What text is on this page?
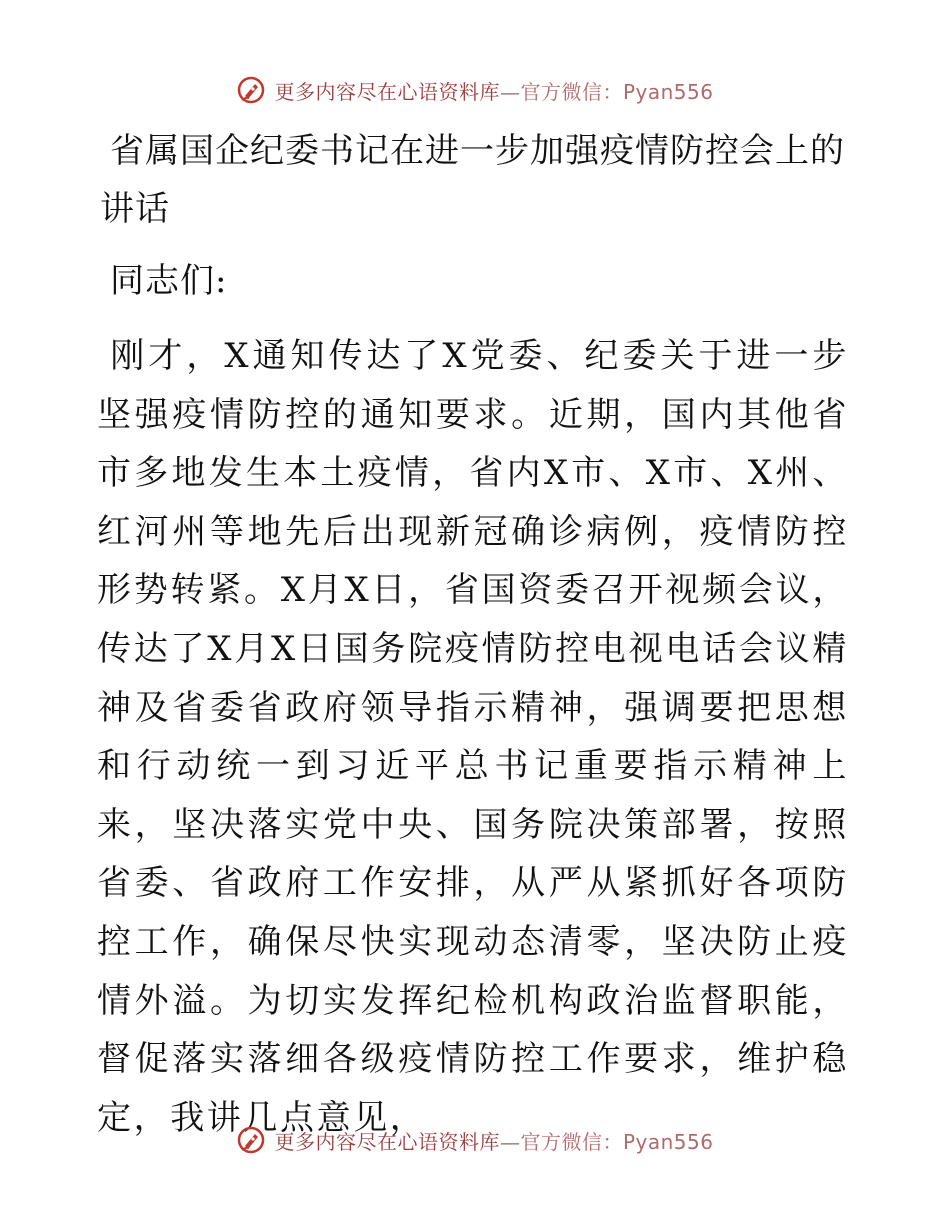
更多内容尽在心语资料库—官方微信：Pyan556
省属国企纪委书记在进一步加强疫情防控会上的讲话

同志们:

刚才，X通知传达了X党委、纪委关于进一步坚强疫情防控的通知要求。近期，国内其他省市多地发生本土疫情，省内X市、X市、X州、红河州等地先后出现新冠确诊病例，疫情防控形势转紧。X月X日，省国资委召开视频会议，传达了X月X日国务院疫情防控电视电话会议精神及省委省政府领导指示精神，强调要把思想和行动统一到习近平总书记重要指示精神上来，坚决落实党中央、国务院决策部署，按照省委、省政府工作安排，从严从紧抓好各项防控工作，确保尽快实现动态清零，坚决防止疫情外溢。为切实发挥纪检机构政治监督职能，督促落实落细各级疫情防控工作要求，维护稳定，我讲几点意见，

更多内容尽在心语资料库—官方微信：Pyan556
